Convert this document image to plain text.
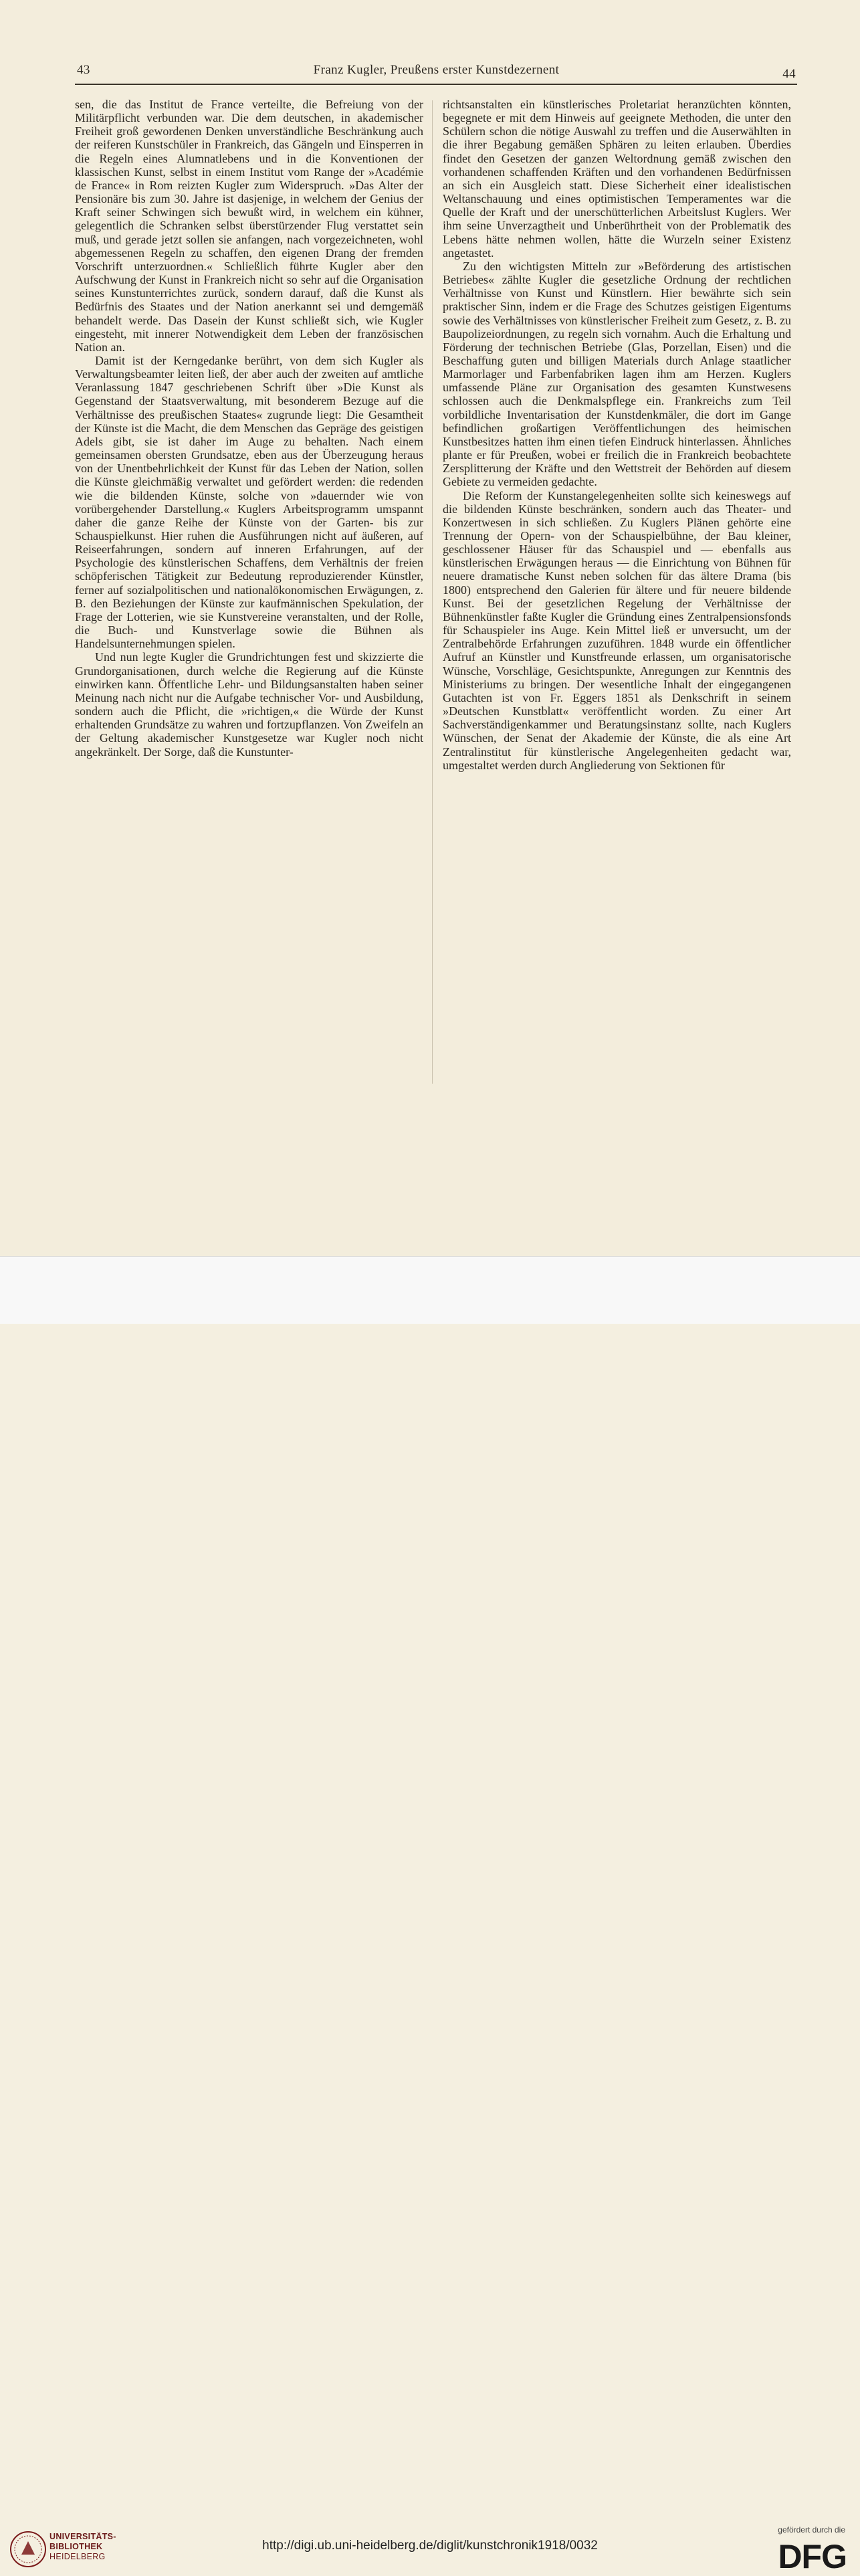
43	Franz Kugler, Preußens erster Kunstdezernent	44

sen, die das Institut de France verteilte, die Befreiung von der Militärpflicht verbunden war. Die dem deutschen, in akademischer Freiheit groß gewordenen Denken unverständliche Beschränkung auch der reiferen Kunstschüler in Frankreich, das Gängeln und Einsperren in die Regeln eines Alumnatlebens und in die Konventionen der klassischen Kunst, selbst in einem Institut vom Range der »Académie de France« in Rom reizten Kugler zum Widerspruch. »Das Alter der Pensionäre bis zum 30. Jahre ist dasjenige, in welchem der Genius der Kraft seiner Schwingen sich bewußt wird, in welchem ein kühner, gelegentlich die Schranken selbst überstürzender Flug verstattet sein muß, und gerade jetzt sollen sie anfangen, nach vorgezeichneten, wohl abgemessenen Regeln zu schaffen, den eigenen Drang der fremden Vorschrift unterzuordnen.« Schließlich führte Kugler aber den Aufschwung der Kunst in Frankreich nicht so sehr auf die Organisation seines Kunstunterrichtes zurück, sondern darauf, daß die Kunst als Bedürfnis des Staates und der Nation anerkannt sei und demgemäß behandelt werde. Das Dasein der Kunst schließt sich, wie Kugler eingesteht, mit innerer Notwendigkeit dem Leben der französischen Nation an.

Damit ist der Kerngedanke berührt, von dem sich Kugler als Verwaltungsbeamter leiten ließ, der aber auch der zweiten auf amtliche Veranlassung 1847 geschriebenen Schrift über »Die Kunst als Gegenstand der Staatsverwaltung, mit besonderem Bezuge auf die Verhältnisse des preußischen Staates« zugrunde liegt: Die Gesamtheit der Künste ist die Macht, die dem Menschen das Gepräge des geistigen Adels gibt, sie ist daher im Auge zu behalten. Nach einem gemeinsamen obersten Grundsatze, eben aus der Überzeugung heraus von der Unentbehrlichkeit der Kunst für das Leben der Nation, sollen die Künste gleichmäßig verwaltet und gefördert werden: die redenden wie die bildenden Künste, solche von »dauernder wie von vorübergehender Darstellung.« Kuglers Arbeitsprogramm umspannt daher die ganze Reihe der Künste von der Garten- bis zur Schauspielkunst. Hier ruhen die Ausführungen nicht auf äußeren, auf Reiseerfahrungen, sondern auf inneren Erfahrungen, auf der Psychologie des künstlerischen Schaffens, dem Verhältnis der freien schöpferischen Tätigkeit zur Bedeutung reproduzierender Künstler, ferner auf sozialpolitischen und nationalökonomischen Erwägungen, z. B. den Beziehungen der Künste zur kaufmännischen Spekulation, der Frage der Lotterien, wie sie Kunstvereine veranstalten, und der Rolle, die Buch- und Kunstverlage sowie die Bühnen als Handelsunternehmungen spielen.

Und nun legte Kugler die Grundrichtungen fest und skizzierte die Grundorganisationen, durch welche die Regierung auf die Künste einwirken kann. Öffentliche Lehr- und Bildungsanstalten haben seiner Meinung nach nicht nur die Aufgabe technischer Vor- und Ausbildung, sondern auch die Pflicht, die »richtigen,« die Würde der Kunst erhaltenden Grundsätze zu wahren und fortzupflanzen. Von Zweifeln an der Geltung akademischer Kunstgesetze war Kugler noch nicht angekränkelt. Der Sorge, daß die Kunstunter-

richtsanstalten ein künstlerisches Proletariat heranzüchten könnten, begegnete er mit dem Hinweis auf geeignete Methoden, die unter den Schülern schon die nötige Auswahl zu treffen und die Auserwählten in die ihrer Begabung gemäßen Sphären zu leiten erlauben. Überdies findet den Gesetzen der ganzen Weltordnung gemäß zwischen den vorhandenen schaffenden Kräften und den vorhandenen Bedürfnissen an sich ein Ausgleich statt. Diese Sicherheit einer idealistischen Weltanschauung und eines optimistischen Temperamentes war die Quelle der Kraft und der unerschütterlichen Arbeitslust Kuglers. Wer ihm seine Unverzagtheit und Unberührtheit von der Problematik des Lebens hätte nehmen wollen, hätte die Wurzeln seiner Existenz angetastet.

Zu den wichtigsten Mitteln zur »Beförderung des artistischen Betriebes« zählte Kugler die gesetzliche Ordnung der rechtlichen Verhältnisse von Kunst und Künstlern. Hier bewährte sich sein praktischer Sinn, indem er die Frage des Schutzes geistigen Eigentums sowie des Verhältnisses von künstlerischer Freiheit zum Gesetz, z. B. zu Baupolizeiordnungen, zu regeln sich vornahm. Auch die Erhaltung und Förderung der technischen Betriebe (Glas, Porzellan, Eisen) und die Beschaffung guten und billigen Materials durch Anlage staatlicher Marmorlager und Farbenfabriken lagen ihm am Herzen. Kuglers umfassende Pläne zur Organisation des gesamten Kunstwesens schlossen auch die Denkmalspflege ein. Frankreichs zum Teil vorbildliche Inventarisation der Kunstdenkmäler, die dort im Gange befindlichen großartigen Veröffentlichungen des heimischen Kunstbesitzes hatten ihm einen tiefen Eindruck hinterlassen. Ähnliches plante er für Preußen, wobei er freilich die in Frankreich beobachtete Zersplitterung der Kräfte und den Wettstreit der Behörden auf diesem Gebiete zu vermeiden gedachte.

Die Reform der Kunstangelegenheiten sollte sich keineswegs auf die bildenden Künste beschränken, sondern auch das Theater- und Konzertwesen in sich schließen. Zu Kuglers Plänen gehörte eine Trennung der Opern- von der Schauspielbühne, der Bau kleiner, geschlossener Häuser für das Schauspiel und — ebenfalls aus künstlerischen Erwägungen heraus — die Einrichtung von Bühnen für neuere dramatische Kunst neben solchen für das ältere Drama (bis 1800) entsprechend den Galerien für ältere und für neuere bildende Kunst. Bei der gesetzlichen Regelung der Verhältnisse der Bühnenkünstler faßte Kugler die Gründung eines Zentralpensionsfonds für Schauspieler ins Auge. Kein Mittel ließ er unversucht, um der Zentralbehörde Erfahrungen zuzuführen. 1848 wurde ein öffentlicher Aufruf an Künstler und Kunstfreunde erlassen, um organisatorische Wünsche, Vorschläge, Gesichtspunkte, Anregungen zur Kenntnis des Ministeriums zu bringen. Der wesentliche Inhalt der eingegangenen Gutachten ist von Fr. Eggers 1851 als Denkschrift in seinem »Deutschen Kunstblatt« veröffentlicht worden. Zu einer Art Sachverständigenkammer und Beratungsinstanz sollte, nach Kuglers Wünschen, der Senat der Akademie der Künste, die als eine Art Zentralinstitut für künstlerische Angelegenheiten gedacht war, umgestaltet werden durch Angliederung von Sektionen für

UNIVERSITÄTS-
BIBLIOTHEK
HEIDELBERG
http://digi.ub.uni-heidelberg.de/diglit/kunstchronik1918/0032
gefördert durch die
DFG
